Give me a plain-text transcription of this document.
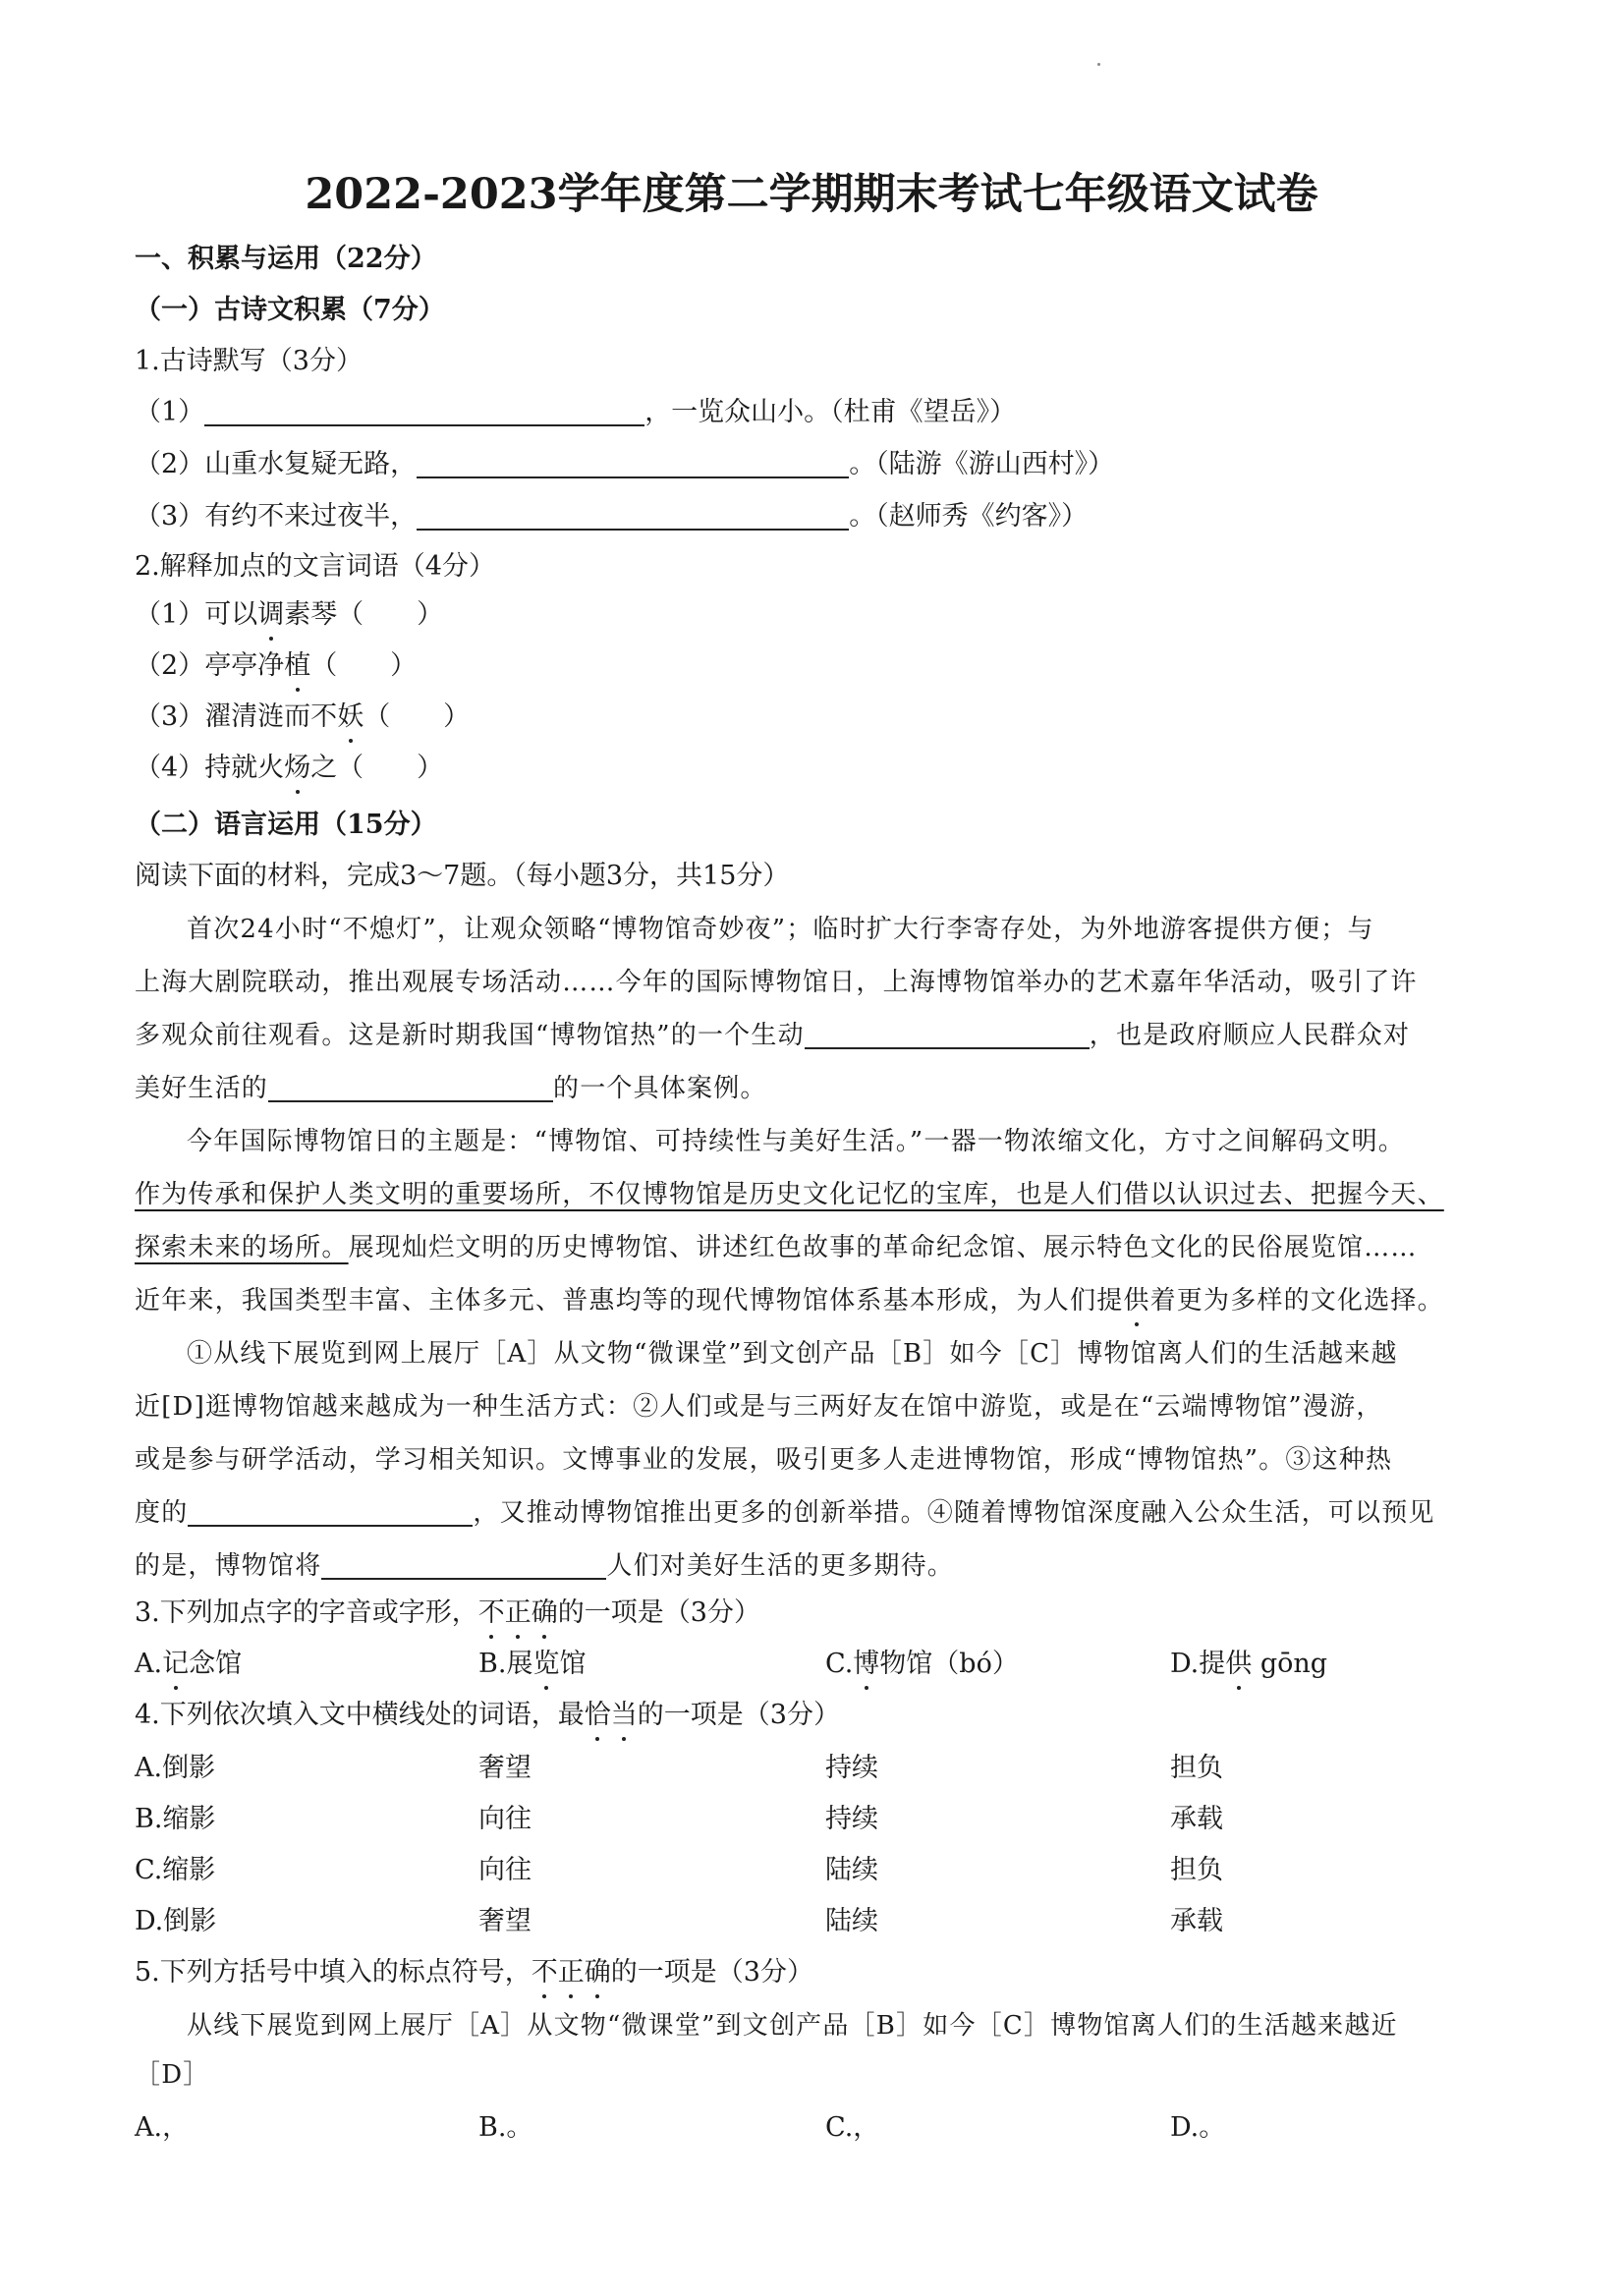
2022-2023学年度第二学期期末考试七年级语文试卷
一、积累与运用（22分）
（一）古诗文积累（7分）
1.古诗默写（3分）
（1）	，一览众山小。（杜甫《望岳》）
（2）山重水复疑无路，	。（陆游《游山西村》）
（3）有约不来过夜半，	。（赵师秀《约客》）
2.解释加点的文言词语（4分）
（1）可以调素琴（　　）
（2）亭亭净植（　　）
（3）濯清涟而不妖（　　）
（4）持就火炀之（　　）
（二）语言运用（15分）
阅读下面的材料，完成3～7题。（每小题3分，共15分）
首次24小时“不熄灯”，让观众领略“博物馆奇妙夜”；临时扩大行李寄存处，为外地游客提供方便；与
上海大剧院联动，推出观展专场活动……今年的国际博物馆日，上海博物馆举办的艺术嘉年华活动，吸引了许
多观众前往观看。这是新时期我国“博物馆热”的一个生动	，也是政府顺应人民群众对
美好生活的	的一个具体案例。
今年国际博物馆日的主题是：“博物馆、可持续性与美好生活。”一器一物浓缩文化，方寸之间解码文明。
作为传承和保护人类文明的重要场所，不仅博物馆是历史文化记忆的宝库，也是人们借以认识过去、把握今天、
探索未来的场所。展现灿烂文明的历史博物馆、讲述红色故事的革命纪念馆、展示特色文化的民俗展览馆……
近年来，我国类型丰富、主体多元、普惠均等的现代博物馆体系基本形成，为人们提供着更为多样的文化选择。
①从线下展览到网上展厅［A］从文物“微课堂”到文创产品［B］如今［C］博物馆离人们的生活越来越
近[D]逛博物馆越来越成为一种生活方式：②人们或是与三两好友在馆中游览，或是在“云端博物馆”漫游，
或是参与研学活动，学习相关知识。文博事业的发展，吸引更多人走进博物馆，形成“博物馆热”。③这种热
度的	，又推动博物馆推出更多的创新举措。④随着博物馆深度融入公众生活，可以预见
的是，博物馆将	人们对美好生活的更多期待。
3.下列加点字的字音或字形，不正确的一项是（3分）
A.记念馆	B.展览馆	C.博物馆（bó）	D.提供 gōng
4.下列依次填入文中横线处的词语，最恰当的一项是（3分）
A.倒影	奢望	持续	担负
B.缩影	向往	持续	承载
C.缩影	向往	陆续	担负
D.倒影	奢望	陆续	承载
5.下列方括号中填入的标点符号，不正确的一项是（3分）
从线下展览到网上展厅［A］从文物“微课堂”到文创产品［B］如今［C］博物馆离人们的生活越来越近
［D］
A.，	B.。	C.，	D.。
